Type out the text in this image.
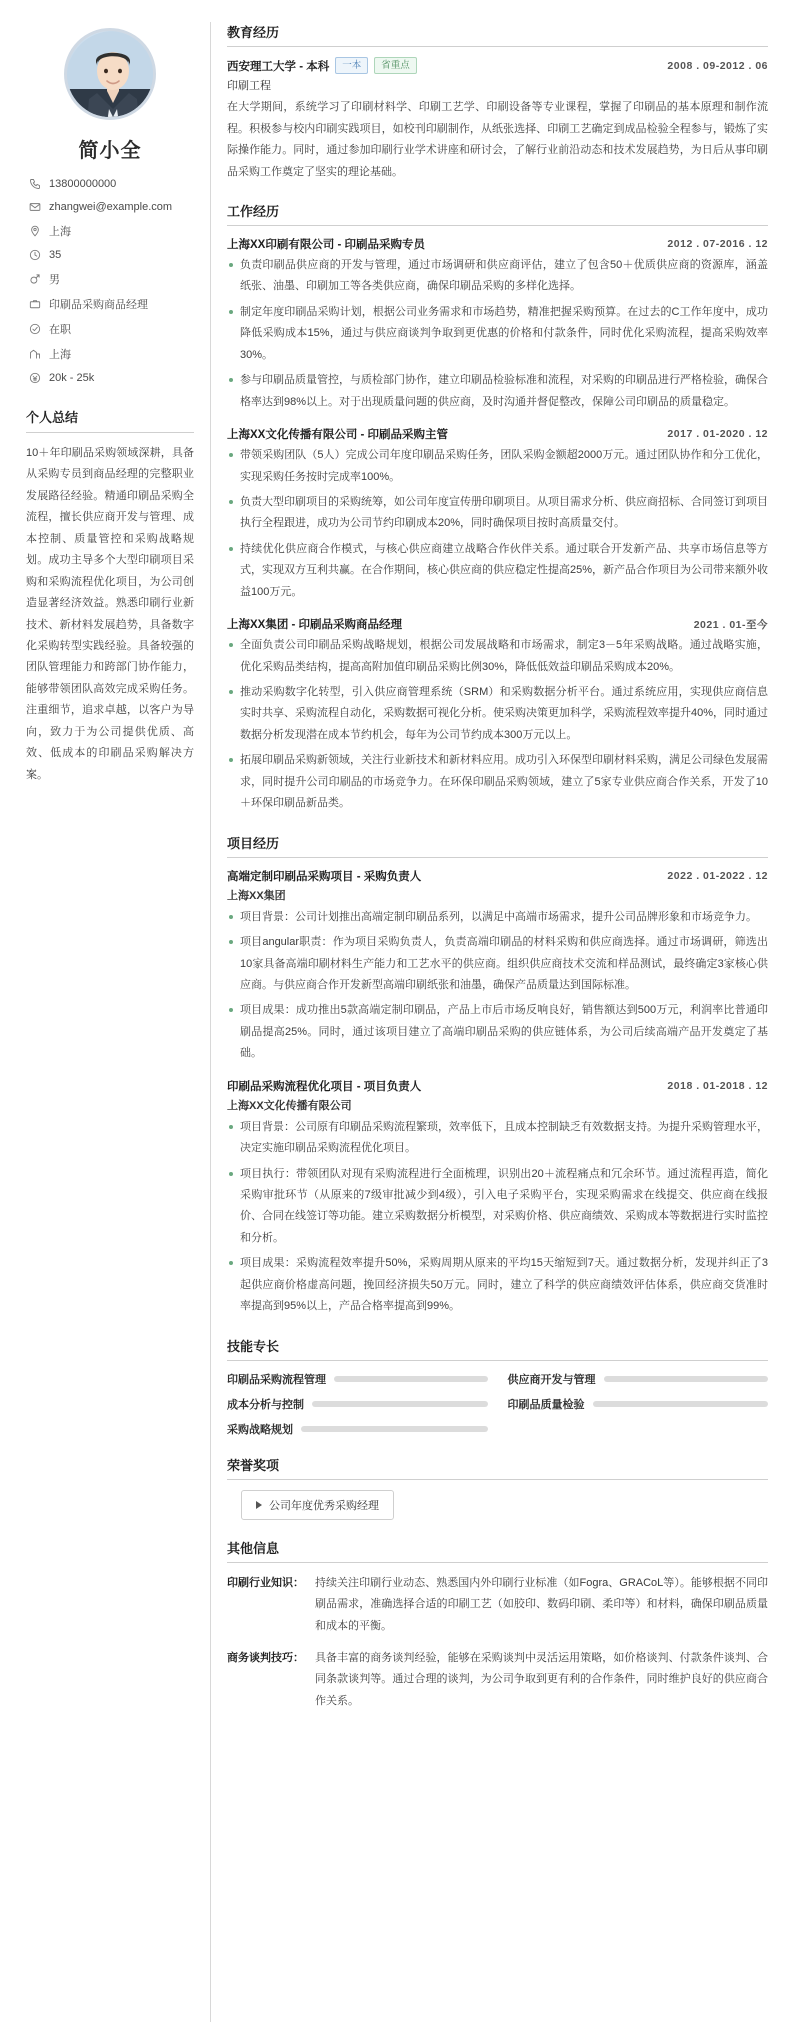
简小全
13800000000
zhangwei@example.com
上海
35
男
印刷品采购商品经理
在职
上海
20k - 25k
个人总结
10＋年印刷品采购领域深耕，具备从采购专员到商品经理的完整职业发展路径经验。精通印刷品采购全流程，擅长供应商开发与管理、成本控制、质量管控和采购战略规划。成功主导多个大型印刷项目采购和采购流程优化项目，为公司创造显著经济效益。熟悉印刷行业新技术、新材料发展趋势，具备数字化采购转型实践经验。具备较强的团队管理能力和跨部门协作能力，能够带领团队高效完成采购任务。注重细节，追求卓越，以客户为导向，致力于为公司提供优质、高效、低成本的印刷品采购解决方案。
教育经历
西安理工大学 - 本科	一本	省重点	2008 . 09-2012 . 06
印刷工程
在大学期间，系统学习了印刷材料学、印刷工艺学、印刷设备等专业课程，掌握了印刷品的基本原理和制作流程。积极参与校内印刷实践项目，如校刊印刷制作，从纸张选择、印刷工艺确定到成品检验全程参与，锻炼了实际操作能力。同时，通过参加印刷行业学术讲座和研讨会，了解行业前沿动态和技术发展趋势，为日后从事印刷品采购工作奠定了坚实的理论基础。
工作经历
上海XX印刷有限公司 - 印刷品采购专员	2012 . 07-2016 . 12
负责印刷品供应商的开发与管理，通过市场调研和供应商评估，建立了包含50＋优质供应商的资源库，涵盖纸张、油墨、印刷加工等各类供应商，确保印刷品采购的多样化选择。
制定年度印刷品采购计划，根据公司业务需求和市场趋势，精准把握采购预算。在过去的С工作年度中，成功降低采购成本15%，通过与供应商谈判争取到更优惠的价格和付款条件，同时优化采购流程，提高采购效率30%。
参与印刷品质量管控，与质检部门协作，建立印刷品检验标准和流程，对采购的印刷品进行严格检验，确保合格率达到98%以上。对于出现质量问题的供应商，及时沟通并督促整改，保障公司印刷品的质量稳定。
上海XX文化传播有限公司 - 印刷品采购主管	2017 . 01-2020 . 12
带领采购团队（5人）完成公司年度印刷品采购任务，团队采购金额超2000万元。通过团队协作和分工优化，实现采购任务按时完成率100%。
负责大型印刷项目的采购统筹，如公司年度宣传册印刷项目。从项目需求分析、供应商招标、合同签订到项目执行全程跟进，成功为公司节约印刷成本20%，同时确保项目按时高质量交付。
持续优化供应商合作模式，与核心供应商建立战略合作伙伴关系。通过联合开发新产品、共享市场信息等方式，实现双方互利共赢。在合作期间，核心供应商的供应稳定性提高25%，新产品合作项目为公司带来额外收益100万元。
上海XX集团 - 印刷品采购商品经理	2021 . 01-至今
全面负责公司印刷品采购战略规划，根据公司发展战略和市场需求，制定3－5年采购战略。通过战略实施，优化采购品类结构，提高高附加值印刷品采购比例30%，降低低效益印刷品采购成本20%。
推动采购数字化转型，引入供应商管理系统（SRM）和采购数据分析平台。通过系统应用，实现供应商信息实时共享、采购流程自动化，采购数据可视化分析。使采购决策更加科学，采购流程效率提升40%，同时通过数据分析发现潜在成本节约机会，每年为公司节约成本300万元以上。
拓展印刷品采购新领域，关注行业新技术和新材料应用。成功引入环保型印刷材料采购，满足公司绿色发展需求，同时提升公司印刷品的市场竞争力。在环保印刷品采购领域，建立了5家专业供应商合作关系，开发了10＋环保印刷品新品类。
项目经历
高端定制印刷品采购项目 - 采购负责人	2022 . 01-2022 . 12
上海XX集团
项目背景：公司计划推出高端定制印刷品系列，以满足中高端市场需求，提升公司品牌形象和市场竞争力。
项目angular职责：作为项目采购负责人，负责高端印刷品的材料采购和供应商选择。通过市场调研，筛选出10家具备高端印刷材料生产能力和工艺水平的供应商。组织供应商技术交流和样品测试，最终确定3家核心供应商。与供应商合作开发新型高端印刷纸张和油墨，确保产品质量达到国际标准。
项目成果：成功推出5款高端定制印刷品，产品上市后市场反响良好，销售额达到500万元，利润率比普通印刷品提高25%。同时，通过该项目建立了高端印刷品采购的供应链体系，为公司后续高端产品开发奠定了基础。
印刷品采购流程优化项目 - 项目负责人	2018 . 01-2018 . 12
上海XX文化传播有限公司
项目背景：公司原有印刷品采购流程繁琐，效率低下，且成本控制缺乏有效数据支持。为提升采购管理水平，决定实施印刷品采购流程优化项目。
项目执行：带领团队对现有采购流程进行全面梳理，识别出20＋流程痛点和冗余环节。通过流程再造，简化采购审批环节（从原来的7级审批减少到4级），引入电子采购平台，实现采购需求在线提交、供应商在线报价、合同在线签订等功能。建立采购数据分析模型，对采购价格、供应商绩效、采购成本等数据进行实时监控和分析。
项目成果：采购流程效率提升50%，采购周期从原来的平均15天缩短到7天。通过数据分析，发现并纠正了3起供应商价格虚高问题，挽回经济损失50万元。同时，建立了科学的供应商绩效评估体系，供应商交货准时率提高到95%以上，产品合格率提高到99%。
技能专长
印刷品采购流程管理	供应商开发与管理
成本分析与控制	印刷品质量检验
采购战略规划
荣誉奖项
公司年度优秀采购经理
其他信息
印刷行业知识：	持续关注印刷行业动态、熟悉国内外印刷行业标准（如Fogra、GRACoL等）。能够根据不同印刷品需求，准确选择合适的印刷工艺（如胶印、数码印刷、柔印等）和材料，确保印刷品质量和成本的平衡。
商务谈判技巧：	具备丰富的商务谈判经验，能够在采购谈判中灵活运用策略，如价格谈判、付款条件谈判、合同条款谈判等。通过合理的谈判，为公司争取到更有利的合作条件，同时维护良好的供应商合作关系。
